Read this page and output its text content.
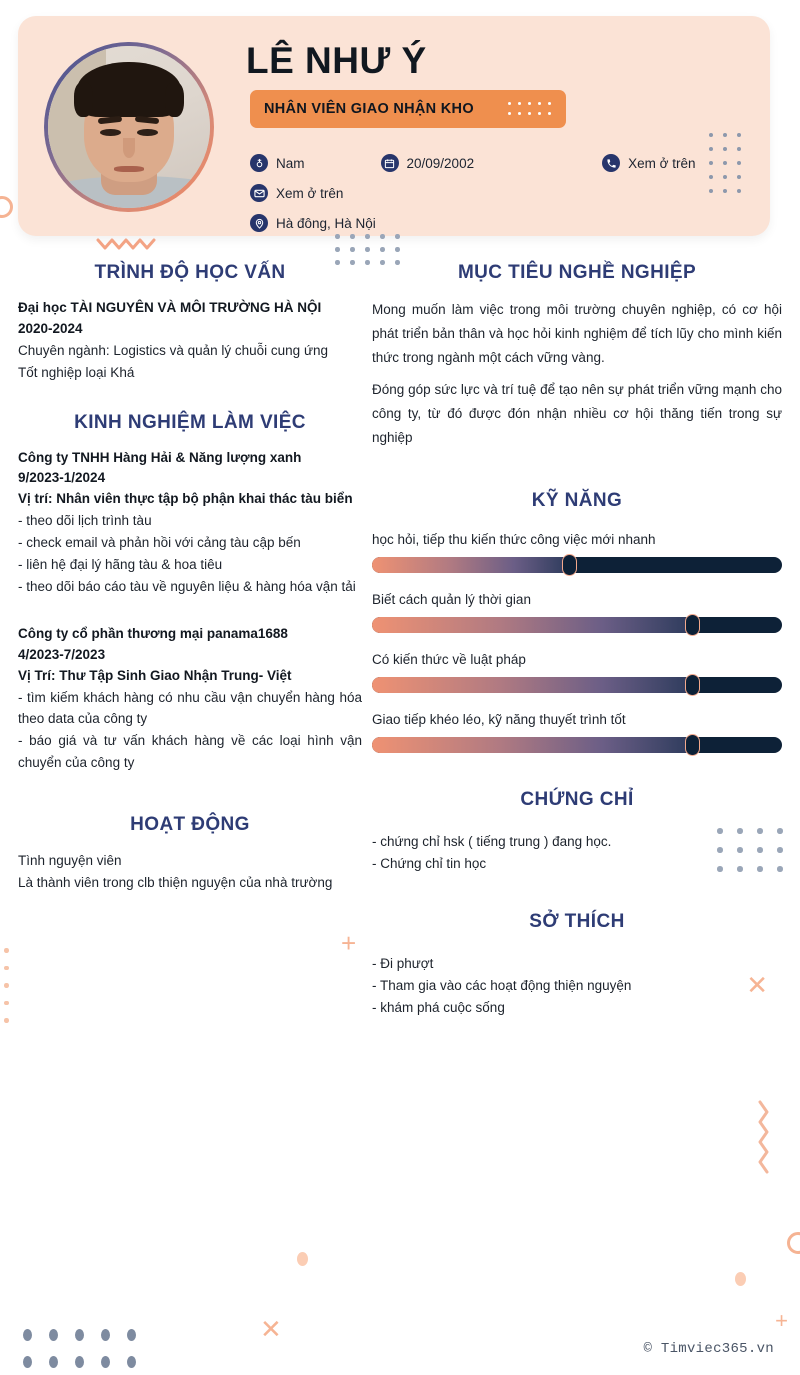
LÊ NHƯ Ý
NHÂN VIÊN GIAO NHẬN KHO
Nam	20/09/2002	Xem ở trên
Xem ở trên
Hà đông, Hà Nội
+
✕
✕	+
TRÌNH ĐỘ HỌC VẤN
Đại học TÀI NGUYÊN VÀ MÔI TRƯỜNG HÀ NỘI
2020-2024
Chuyên ngành: Logistics và quản lý chuỗi cung ứng
Tốt nghiệp loại Khá
KINH NGHIỆM LÀM VIỆC
Công ty TNHH Hàng Hải & Năng lượng xanh
9/2023-1/2024
Vị trí: Nhân viên thực tập bộ phận khai thác tàu biển
- theo dõi lịch trình tàu
- check email và phản hồi với cảng tàu cập bến
- liên hệ đại lý hãng tàu & hoa tiêu
- theo dõi báo cáo tàu về nguyên liệu & hàng hóa vận tải
Công ty cổ phần thương mại panama1688
4/2023-7/2023
Vị Trí: Thư Tập Sinh Giao Nhận Trung- Việt
- tìm kiếm khách hàng có nhu cầu vận chuyển hàng hóa theo data của công ty
- báo giá và tư vấn khách hàng về các loại hình vận chuyển của công ty
HOẠT ĐỘNG
Tình nguyện viên
Là thành viên trong clb thiện nguyện của nhà trường
MỤC TIÊU NGHỀ NGHIỆP
Mong muốn làm việc trong môi trường chuyên nghiệp, có cơ hội phát triển bản thân và học hỏi kinh nghiệm để tích lũy cho mình kiến thức trong ngành một cách vững vàng.
Đóng góp sức lực và trí tuệ để tạo nên sự phát triển vững mạnh cho công ty, từ đó được đón nhận nhiều cơ hội thăng tiến trong sự nghiệp
KỸ NĂNG
học hỏi, tiếp thu kiến thức công việc mới nhanh
Biết cách quản lý thời gian
Có kiến thức về luật pháp
Giao tiếp khéo léo, kỹ năng thuyết trình tốt
CHỨNG CHỈ
- chứng chỉ hsk ( tiếng trung ) đang học.
- Chứng chỉ tin học
SỞ THÍCH
- Đi phượt
- Tham gia vào các hoạt động thiện nguyện
- khám phá cuộc sống
© Timviec365.vn
